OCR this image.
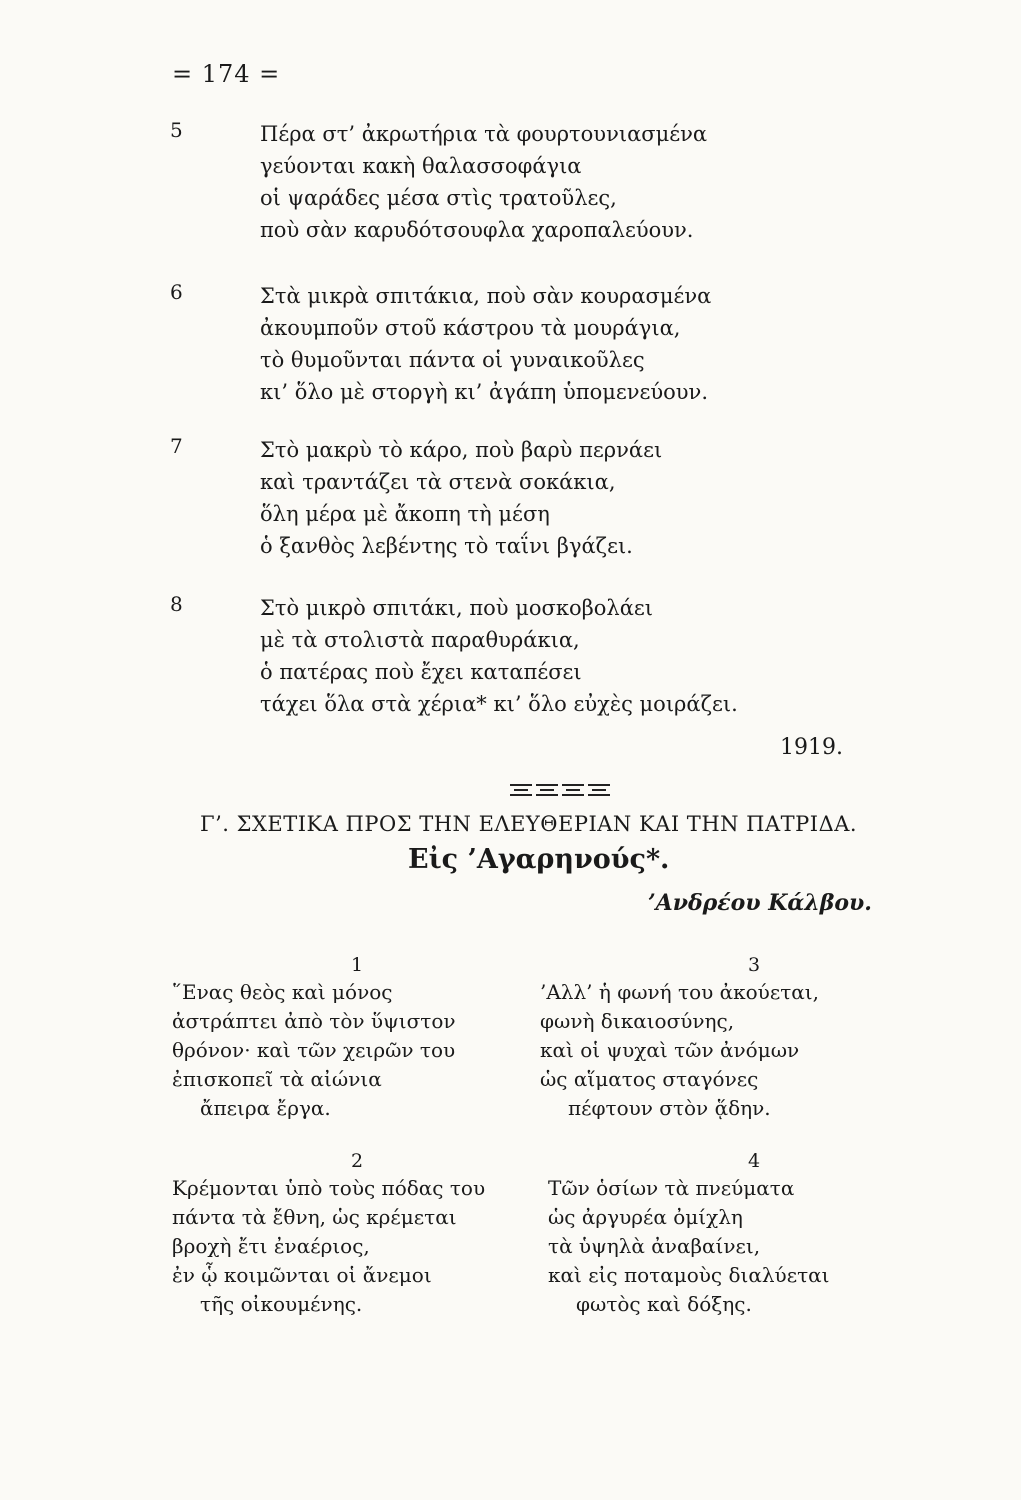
= 174 =
5	Πέρα στ’ ἀκρωτήρια τὰ φουρτουνιασμένα
γεύονται κακὴ θαλασσοφάγια
οἱ ψαράδες μέσα στὶς τρατοῦλες,
ποὺ σὰν καρυδότσουφλα χαροπαλεύουν.
6	Στὰ μικρὰ σπιτάκια, ποὺ σὰν κουρασμένα
ἀκουμποῦν στοῦ κάστρου τὰ μουράγια,
τὸ θυμοῦνται πάντα οἱ γυναικοῦλες
κι’ ὅλο μὲ στοργὴ κι’ ἀγάπη ὑπομενεύουν.
7	Στὸ μακρὺ τὸ κάρο, ποὺ βαρὺ περνάει
καὶ τραντάζει τὰ στενὰ σοκάκια,
ὅλη μέρα μὲ ἄκοπη τὴ μέση
ὁ ξανθὸς λεβέντης τὸ ταΐνι βγάζει.
8	Στὸ μικρὸ σπιτάκι, ποὺ μοσκοβολάει
μὲ τὰ στολιστὰ παραθυράκια,
ὁ πατέρας ποὺ ἔχει καταπέσει
τάχει ὅλα στὰ χέρια* κι’ ὅλο εὐχὲς μοιράζει.
1919.
Γ’. ΣΧΕΤΙΚΑ ΠΡΟΣ ΤΗΝ ΕΛΕΥΘΕΡΙΑΝ ΚΑΙ ΤΗΝ ΠΑΤΡΙΔΑ.
Εἰς ’Αγαρηνούς*.
’Ανδρέου Κάλβου.
1
῞Ενας θεὸς καὶ μόνος
ἀστράπτει ἀπὸ τὸν ὕψιστον
θρόνον· καὶ τῶν χειρῶν του
ἐπισκοπεῖ τὰ αἰώνια
ἄπειρα ἔργα.
3
’Αλλ’ ἡ φωνή του ἀκούεται,
φωνὴ δικαιοσύνης,
καὶ οἱ ψυχαὶ τῶν ἀνόμων
ὡς αἵματος σταγόνες
πέφτουν στὸν ᾅδην.
2
Κρέμονται ὑπὸ τοὺς πόδας του
πάντα τὰ ἔθνη, ὡς κρέμεται
βροχὴ ἔτι ἐναέριος,
ἐν ᾧ κοιμῶνται οἱ ἄνεμοι
τῆς οἰκουμένης.
4
Τῶν ὁσίων τὰ πνεύματα
ὡς ἀργυρέα ὀμίχλη
τὰ ὑψηλὰ ἀναβαίνει,
καὶ εἰς ποταμοὺς διαλύεται
φωτὸς καὶ δόξης.
